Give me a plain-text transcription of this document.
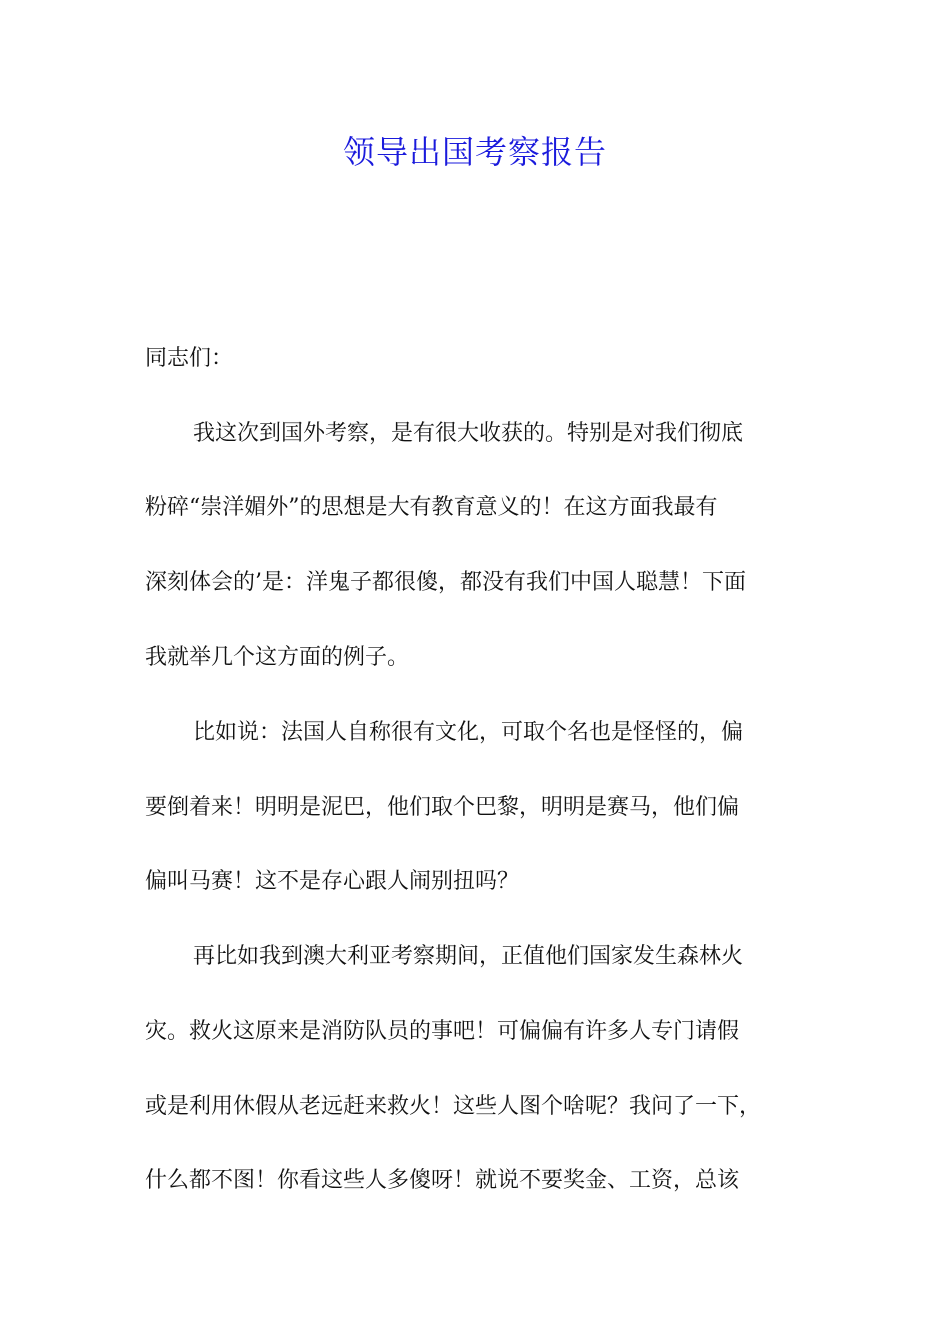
领导出国考察报告

同志们：

我这次到国外考察，是有很大收获的。特别是对我们彻底

粉碎“崇洋媚外”的思想是大有教育意义的！在这方面我最有

深刻体会的’是：洋鬼子都很傻，都没有我们中国人聪慧！下面

我就举几个这方面的例子。

比如说：法国人自称很有文化，可取个名也是怪怪的，偏

要倒着来！明明是泥巴，他们取个巴黎，明明是赛马，他们偏

偏叫马赛！这不是存心跟人闹别扭吗？

再比如我到澳大利亚考察期间，正值他们国家发生森林火

灾。救火这原来是消防队员的事吧！可偏偏有许多人专门请假

或是利用休假从老远赶来救火！这些人图个啥呢？我问了一下，

什么都不图！你看这些人多傻呀！就说不要奖金、工资，总该
